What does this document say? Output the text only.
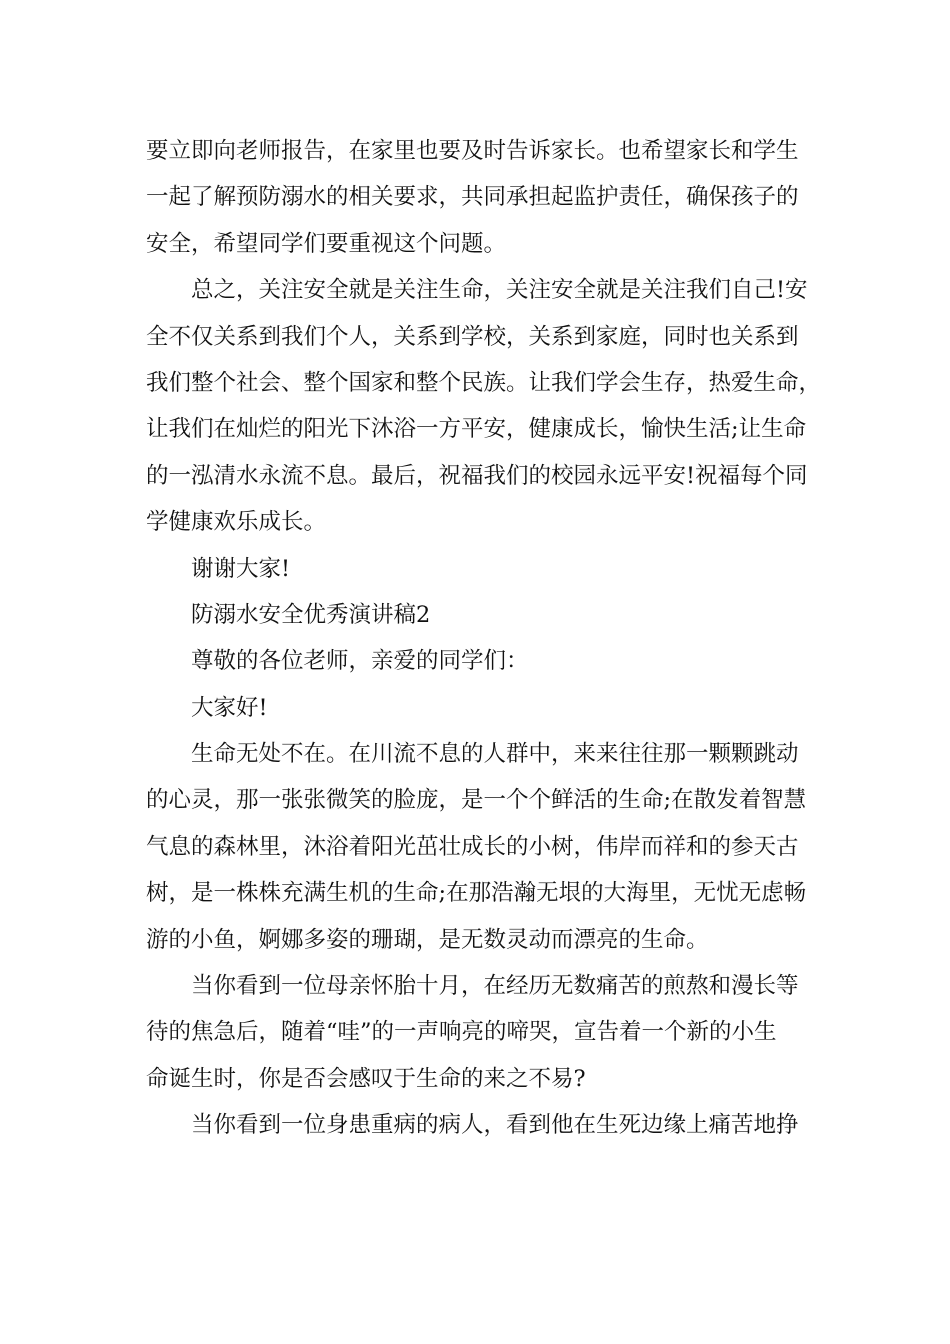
要立即向老师报告，在家里也要及时告诉家长。也希望家长和学生
一起了解预防溺水的相关要求，共同承担起监护责任，确保孩子的
安全，希望同学们要重视这个问题。
总之，关注安全就是关注生命，关注安全就是关注我们自己!安
全不仅关系到我们个人，关系到学校，关系到家庭，同时也关系到
我们整个社会、整个国家和整个民族。让我们学会生存，热爱生命，
让我们在灿烂的阳光下沐浴一方平安，健康成长，愉快生活;让生命
的一泓清水永流不息。最后，祝福我们的校园永远平安!祝福每个同
学健康欢乐成长。
谢谢大家!
防溺水安全优秀演讲稿2
尊敬的各位老师，亲爱的同学们：
大家好!
生命无处不在。在川流不息的人群中，来来往往那一颗颗跳动
的心灵，那一张张微笑的脸庞，是一个个鲜活的生命;在散发着智慧
气息的森林里，沐浴着阳光茁壮成长的小树，伟岸而祥和的参天古
树，是一株株充满生机的生命;在那浩瀚无垠的大海里，无忧无虑畅
游的小鱼，婀娜多姿的珊瑚，是无数灵动而漂亮的生命。
当你看到一位母亲怀胎十月，在经历无数痛苦的煎熬和漫长等
待的焦急后，随着“哇”的一声响亮的啼哭，宣告着一个新的小生
命诞生时，你是否会感叹于生命的来之不易?
当你看到一位身患重病的病人，看到他在生死边缘上痛苦地挣
